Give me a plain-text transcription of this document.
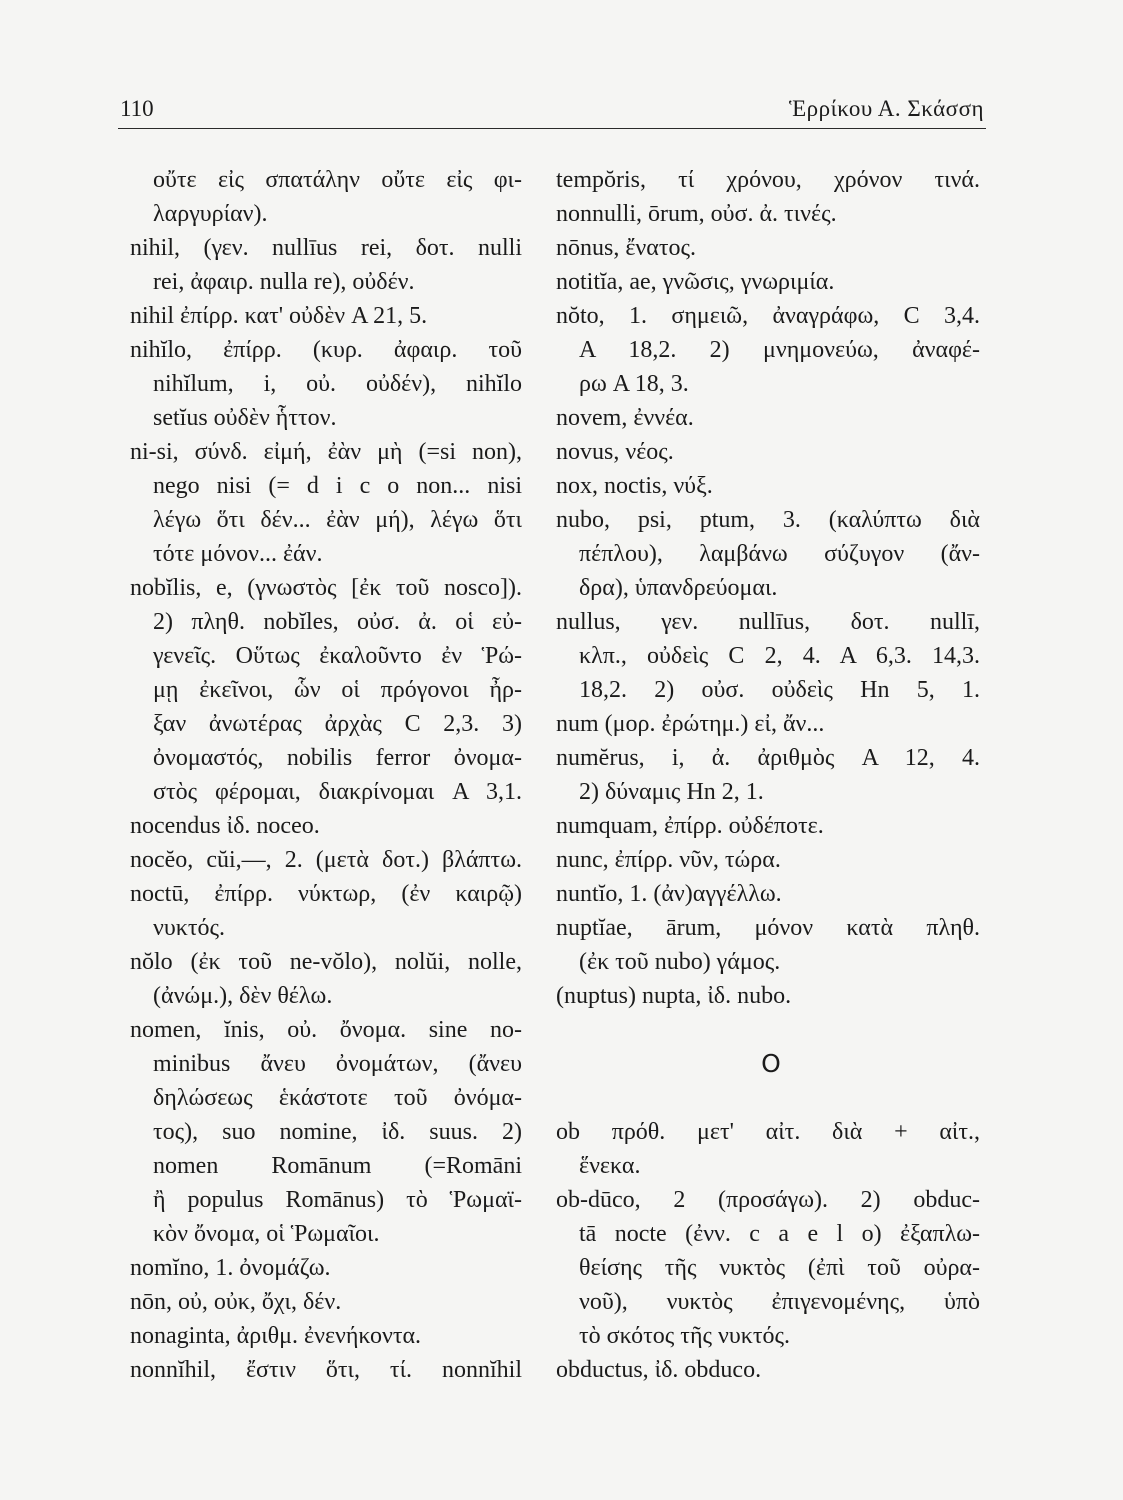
110	Ἑρρίκου Α. Σκάσση
οὔτε εἰς σπατάλην οὔτε εἰς φι-
λαργυρίαν).
nihil, (γεν. nullīus rei, δοτ. nulli
rei, ἀφαιρ. nulla re), οὐδέν.
nihil ἐπίρρ. κατ' οὐδὲν A 21, 5.
nihĭlo, ἐπίρρ. (κυρ. ἀφαιρ. τοῦ
nihĭlum, i, οὐ. οὐδέν), nihĭlo
setĭus οὐδὲν ἧττον.
ni-si, σύνδ. εἰμή, ἐὰν μὴ (=si non),
nego nisi (= d i c o non... nisi
λέγω ὅτι δέν... ἐὰν μή), λέγω ὅτι
τότε μόνον... ἐάν.
nobĭlis, e, (γνωστὸς [ἐκ τοῦ nosco]).
2) πληθ. nobĭles, οὐσ. ἀ. οἱ εὐ-
γενεῖς. Οὕτως ἐκαλοῦντο ἐν Ῥώ-
μῃ ἐκεῖνοι, ὧν οἱ πρόγονοι ἦρ-
ξαν ἀνωτέρας ἀρχὰς C 2,3. 3)
ὀνομαστός, nobilis ferror ὀνομα-
στὸς φέρομαι, διακρίνομαι A 3,1.
nocendus ἰδ. noceo.
nocĕo, cŭi,—, 2. (μετὰ δοτ.) βλάπτω.
noctū, ἐπίρρ. νύκτωρ, (ἐν καιρῷ)
νυκτός.
nŏlo (ἐκ τοῦ ne-vŏlo), nolŭi, nolle,
(ἀνώμ.), δὲν θέλω.
nomen, ĭnis, οὐ. ὄνομα. sine no-
minibus ἄνευ ὀνομάτων, (ἄνευ
δηλώσεως ἑκάστοτε τοῦ ὀνόμα-
τος), suo nomine, ἰδ. suus. 2)
nomen Romānum (=Romāni
ἢ populus Romānus) τὸ Ῥωμαϊ-
κὸν ὄνομα, οἱ Ῥωμαῖοι.
nomĭno, 1. ὀνομάζω.
nōn, οὐ, οὐκ, ὄχι, δέν.
nonaginta, ἀριθμ. ἐνενήκοντα.
nonnĭhil, ἔστιν ὅτι, τί. nonnĭhil
tempŏris, τί χρόνου, χρόνον τινά.
nonnulli, ōrum, οὐσ. ἀ. τινές.
nōnus, ἔνατος.
notitĭa, ae, γνῶσις, γνωριμία.
nŏto, 1. σημειῶ, ἀναγράφω, C 3,4.
A 18,2. 2) μνημονεύω, ἀναφέ-
ρω A 18, 3.
novem, ἐννέα.
novus, νέος.
nox, noctis, νύξ.
nubo, psi, ptum, 3. (καλύπτω διὰ
πέπλου), λαμβάνω σύζυγον (ἄν-
δρα), ὑπανδρεύομαι.
nullus, γεν. nullīus, δοτ. nullī,
κλπ., οὐδεὶς C 2, 4. A 6,3. 14,3.
18,2. 2) οὐσ. οὐδεὶς Hn 5, 1.
num (μορ. ἐρώτημ.) εἰ, ἄν...
numĕrus, i, ἀ. ἀριθμὸς A 12, 4.
2) δύναμις Hn 2, 1.
numquam, ἐπίρρ. οὐδέποτε.
nunc, ἐπίρρ. νῦν, τώρα.
nuntĭo, 1. (ἀν)αγγέλλω.
nuptĭae, ārum, μόνον κατὰ πληθ.
(ἐκ τοῦ nubo) γάμος.
(nuptus) nupta, ἰδ. nubo.
O
ob πρόθ. μετ' αἰτ. διὰ + αἰτ.,
ἕνεκα.
ob-dūco, 2 (προσάγω). 2) obduc-
tā nocte (ἐνν. c a e l o) ἐξαπλω-
θείσης τῆς νυκτὸς (ἐπὶ τοῦ οὐρα-
νοῦ), νυκτὸς ἐπιγενομένης, ὑπὸ
τὸ σκότος τῆς νυκτός.
obductus, ἰδ. obduco.
